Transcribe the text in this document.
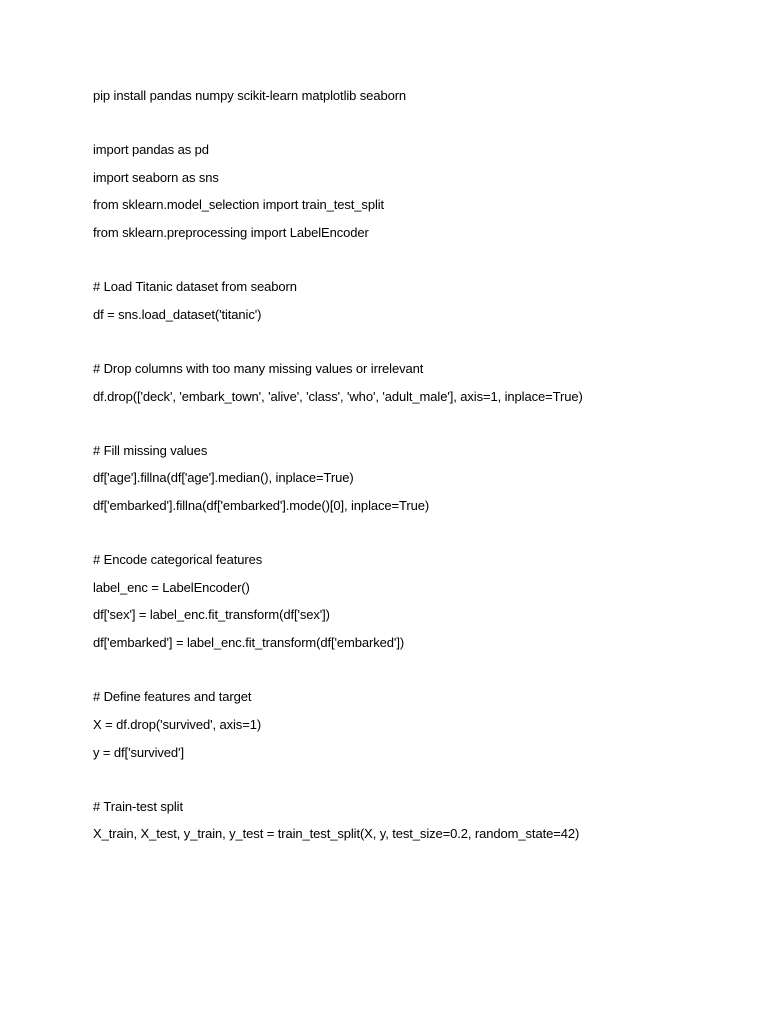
pip install pandas numpy scikit-learn matplotlib seaborn
import pandas as pd
import seaborn as sns
from sklearn.model_selection import train_test_split
from sklearn.preprocessing import LabelEncoder
# Load Titanic dataset from seaborn
df = sns.load_dataset('titanic')
# Drop columns with too many missing values or irrelevant
df.drop(['deck', 'embark_town', 'alive', 'class', 'who', 'adult_male'], axis=1, inplace=True)
# Fill missing values
df['age'].fillna(df['age'].median(), inplace=True)
df['embarked'].fillna(df['embarked'].mode()[0], inplace=True)
# Encode categorical features
label_enc = LabelEncoder()
df['sex'] = label_enc.fit_transform(df['sex'])
df['embarked'] = label_enc.fit_transform(df['embarked'])
# Define features and target
X = df.drop('survived', axis=1)
y = df['survived']
# Train-test split
X_train, X_test, y_train, y_test = train_test_split(X, y, test_size=0.2, random_state=42)
